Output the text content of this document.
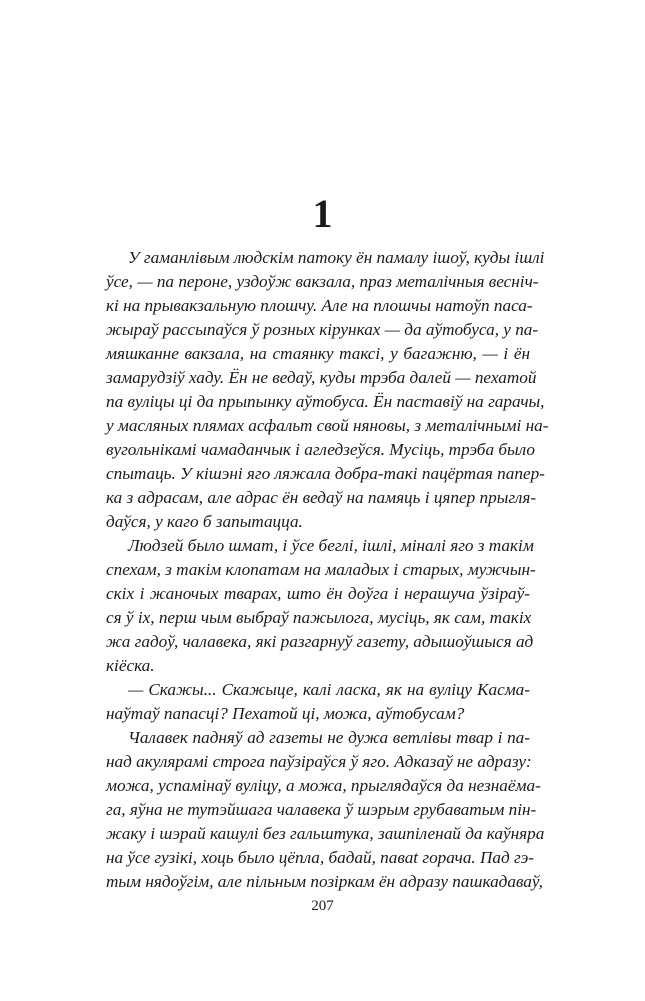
1

У гаманлівым людскім патоку ён памалу ішоў, куды ішлі
ўсе, — па пероне, уздоўж вакзала, праз металічныя весніч-
кі на прывакзальную плошчу. Але на плошчы натоўп паса-
жыраў рассыпаўся ў розных кірунках — да аўтобуса, у па-
мяшканне вакзала, на стаянку таксі, у багажню, — і ён
замарудзіў хаду. Ён не ведаў, куды трэба далей — пехатой
па вуліцы ці да прыпынку аўтобуса. Ён паставіў на гарачы,
у масляных плямах асфальт свой няновы, з металічнымі на-
вугольнікамі чамаданчык і агледзеўся. Мусіць, трэба было
спытаць. У кішэні яго ляжала добра-такі пацёртая папер-
ка з адрасам, але адрас ён ведаў на памяць і цяпер прыгля-
даўся, у каго б запытацца.

Людзей было шмат, і ўсе беглі, ішлі, міналі яго з такім
спехам, з такім клопатам на маладых і старых, мужчын-
скіх і жаночых тварах, што ён доўга і нерашуча ўзіраў-
ся ў іх, перш чым выбраў пажылога, мусіць, як сам, такіх
жа гадоў, чалавека, які разгарнуў газету, адышоўшыся ад
кіёска.

— Скажы... Скажыце, калі ласка, як на вуліцу Касма-
наўтаў папасці? Пехатой ці, можа, аўтобусам?

Чалавек падняў ад газеты не дужа ветлівы твар і па-
над акулярамі строга паўзіраўся ў яго. Адказаў не адразу:
можа, успамінаў вуліцу, а можа, прыглядаўся да незнаёма-
га, яўна не тутэйшага чалавека ў шэрым грубаватым пін-
жаку і шэрай кашулі без гальштука, зашпіленай да каўняра
на ўсе гузікі, хоць было цёпла, бадай, паваt горача. Пад гэ-
тым нядоўгім, але пільным позіркам ён адразу пашкадаваў,

207
